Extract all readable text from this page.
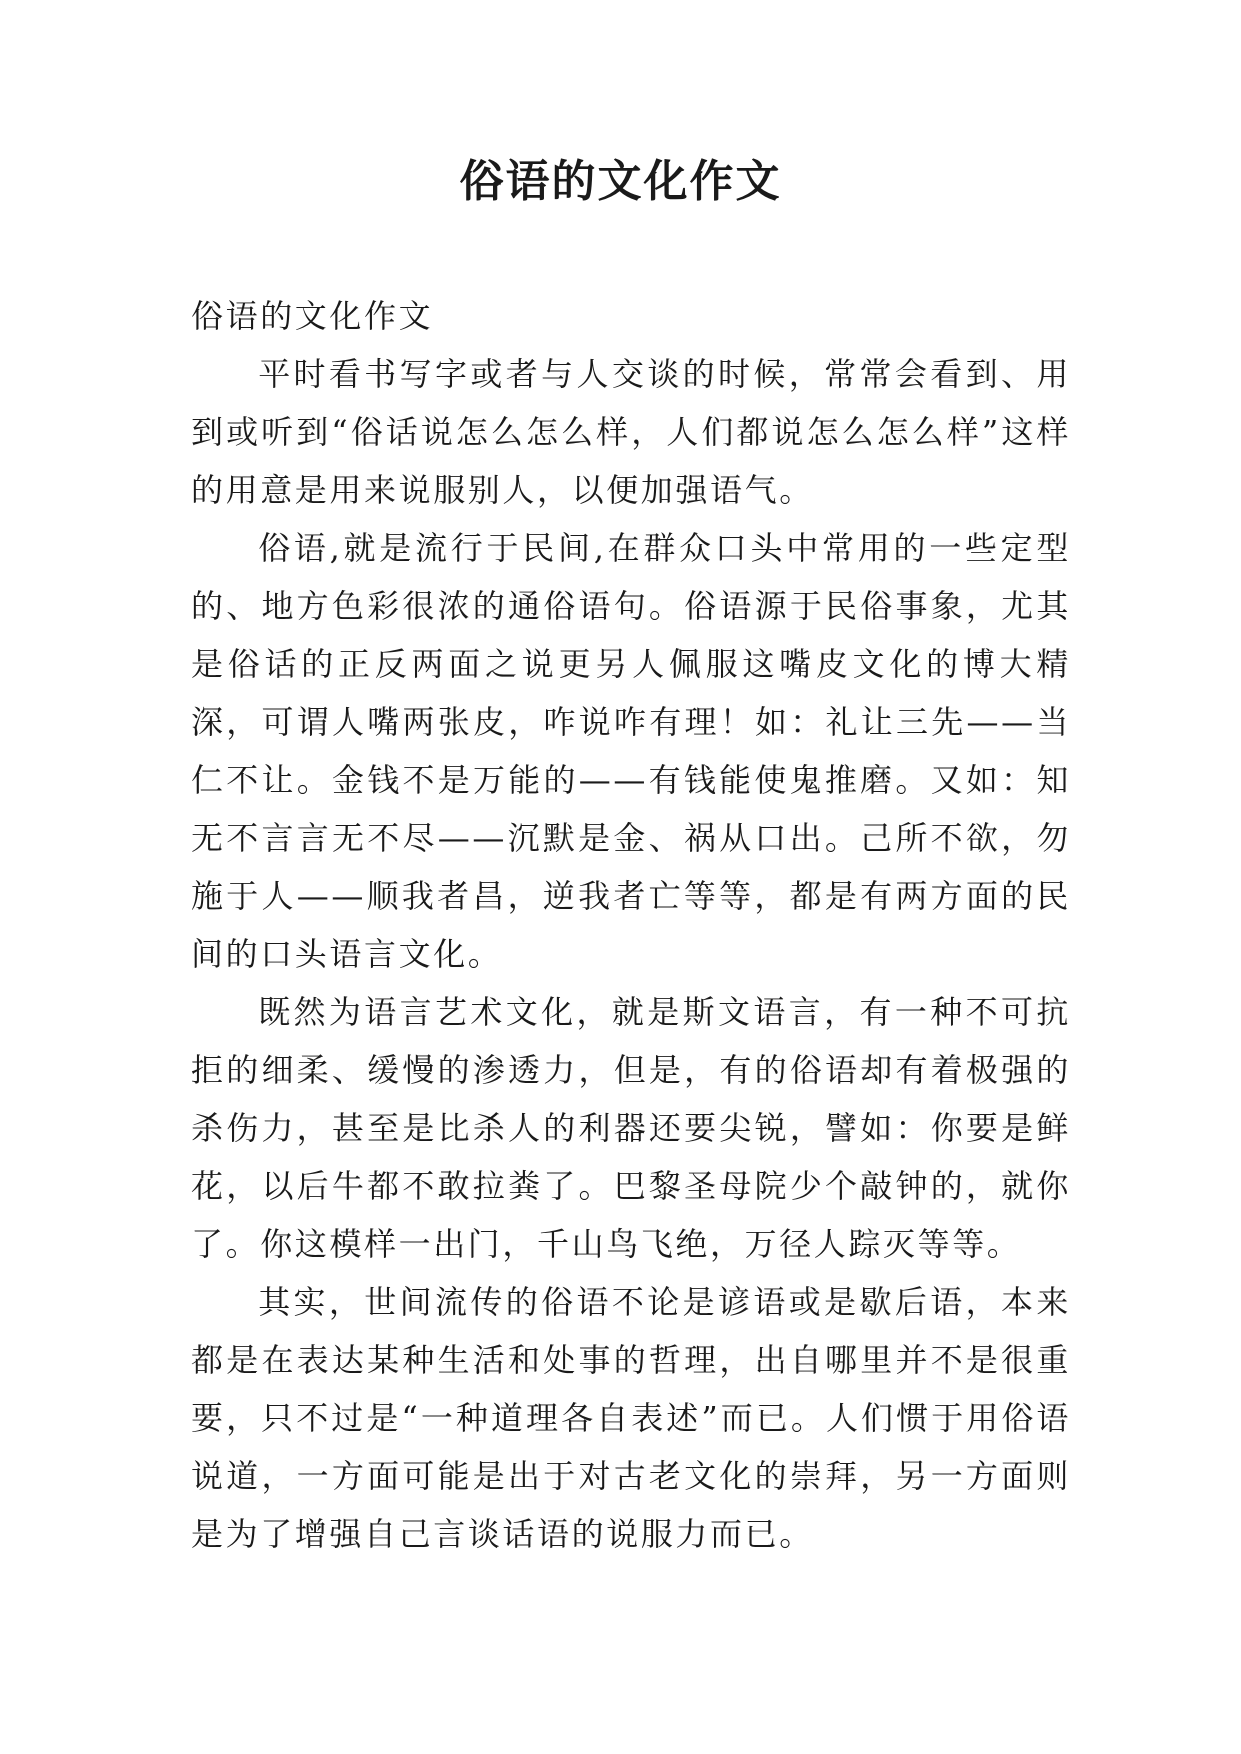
俗语的文化作文

俗语的文化作文

平时看书写字或者与人交谈的时候，常常会看到、用到或听到“俗话说怎么怎么样，人们都说怎么怎么样”这样的用意是用来说服别人，以便加强语气。

俗语,就是流行于民间,在群众口头中常用的一些定型的、地方色彩很浓的通俗语句。俗语源于民俗事象，尤其是俗话的正反两面之说更另人佩服这嘴皮文化的博大精深，可谓人嘴两张皮，咋说咋有理！如：礼让三先——当仁不让。金钱不是万能的——有钱能使鬼推磨。又如：知无不言言无不尽——沉默是金、祸从口出。己所不欲，勿施于人——顺我者昌，逆我者亡等等，都是有两方面的民间的口头语言文化。

既然为语言艺术文化，就是斯文语言，有一种不可抗拒的细柔、缓慢的渗透力，但是，有的俗语却有着极强的杀伤力，甚至是比杀人的利器还要尖锐，譬如：你要是鲜花，以后牛都不敢拉粪了。巴黎圣母院少个敲钟的，就你了。你这模样一出门，千山鸟飞绝，万径人踪灭等等。

其实，世间流传的俗语不论是谚语或是歇后语，本来都是在表达某种生活和处事的哲理，出自哪里并不是很重要，只不过是“一种道理各自表述”而已。人们惯于用俗语说道，一方面可能是出于对古老文化的崇拜，另一方面则是为了增强自己言谈话语的说服力而已。
